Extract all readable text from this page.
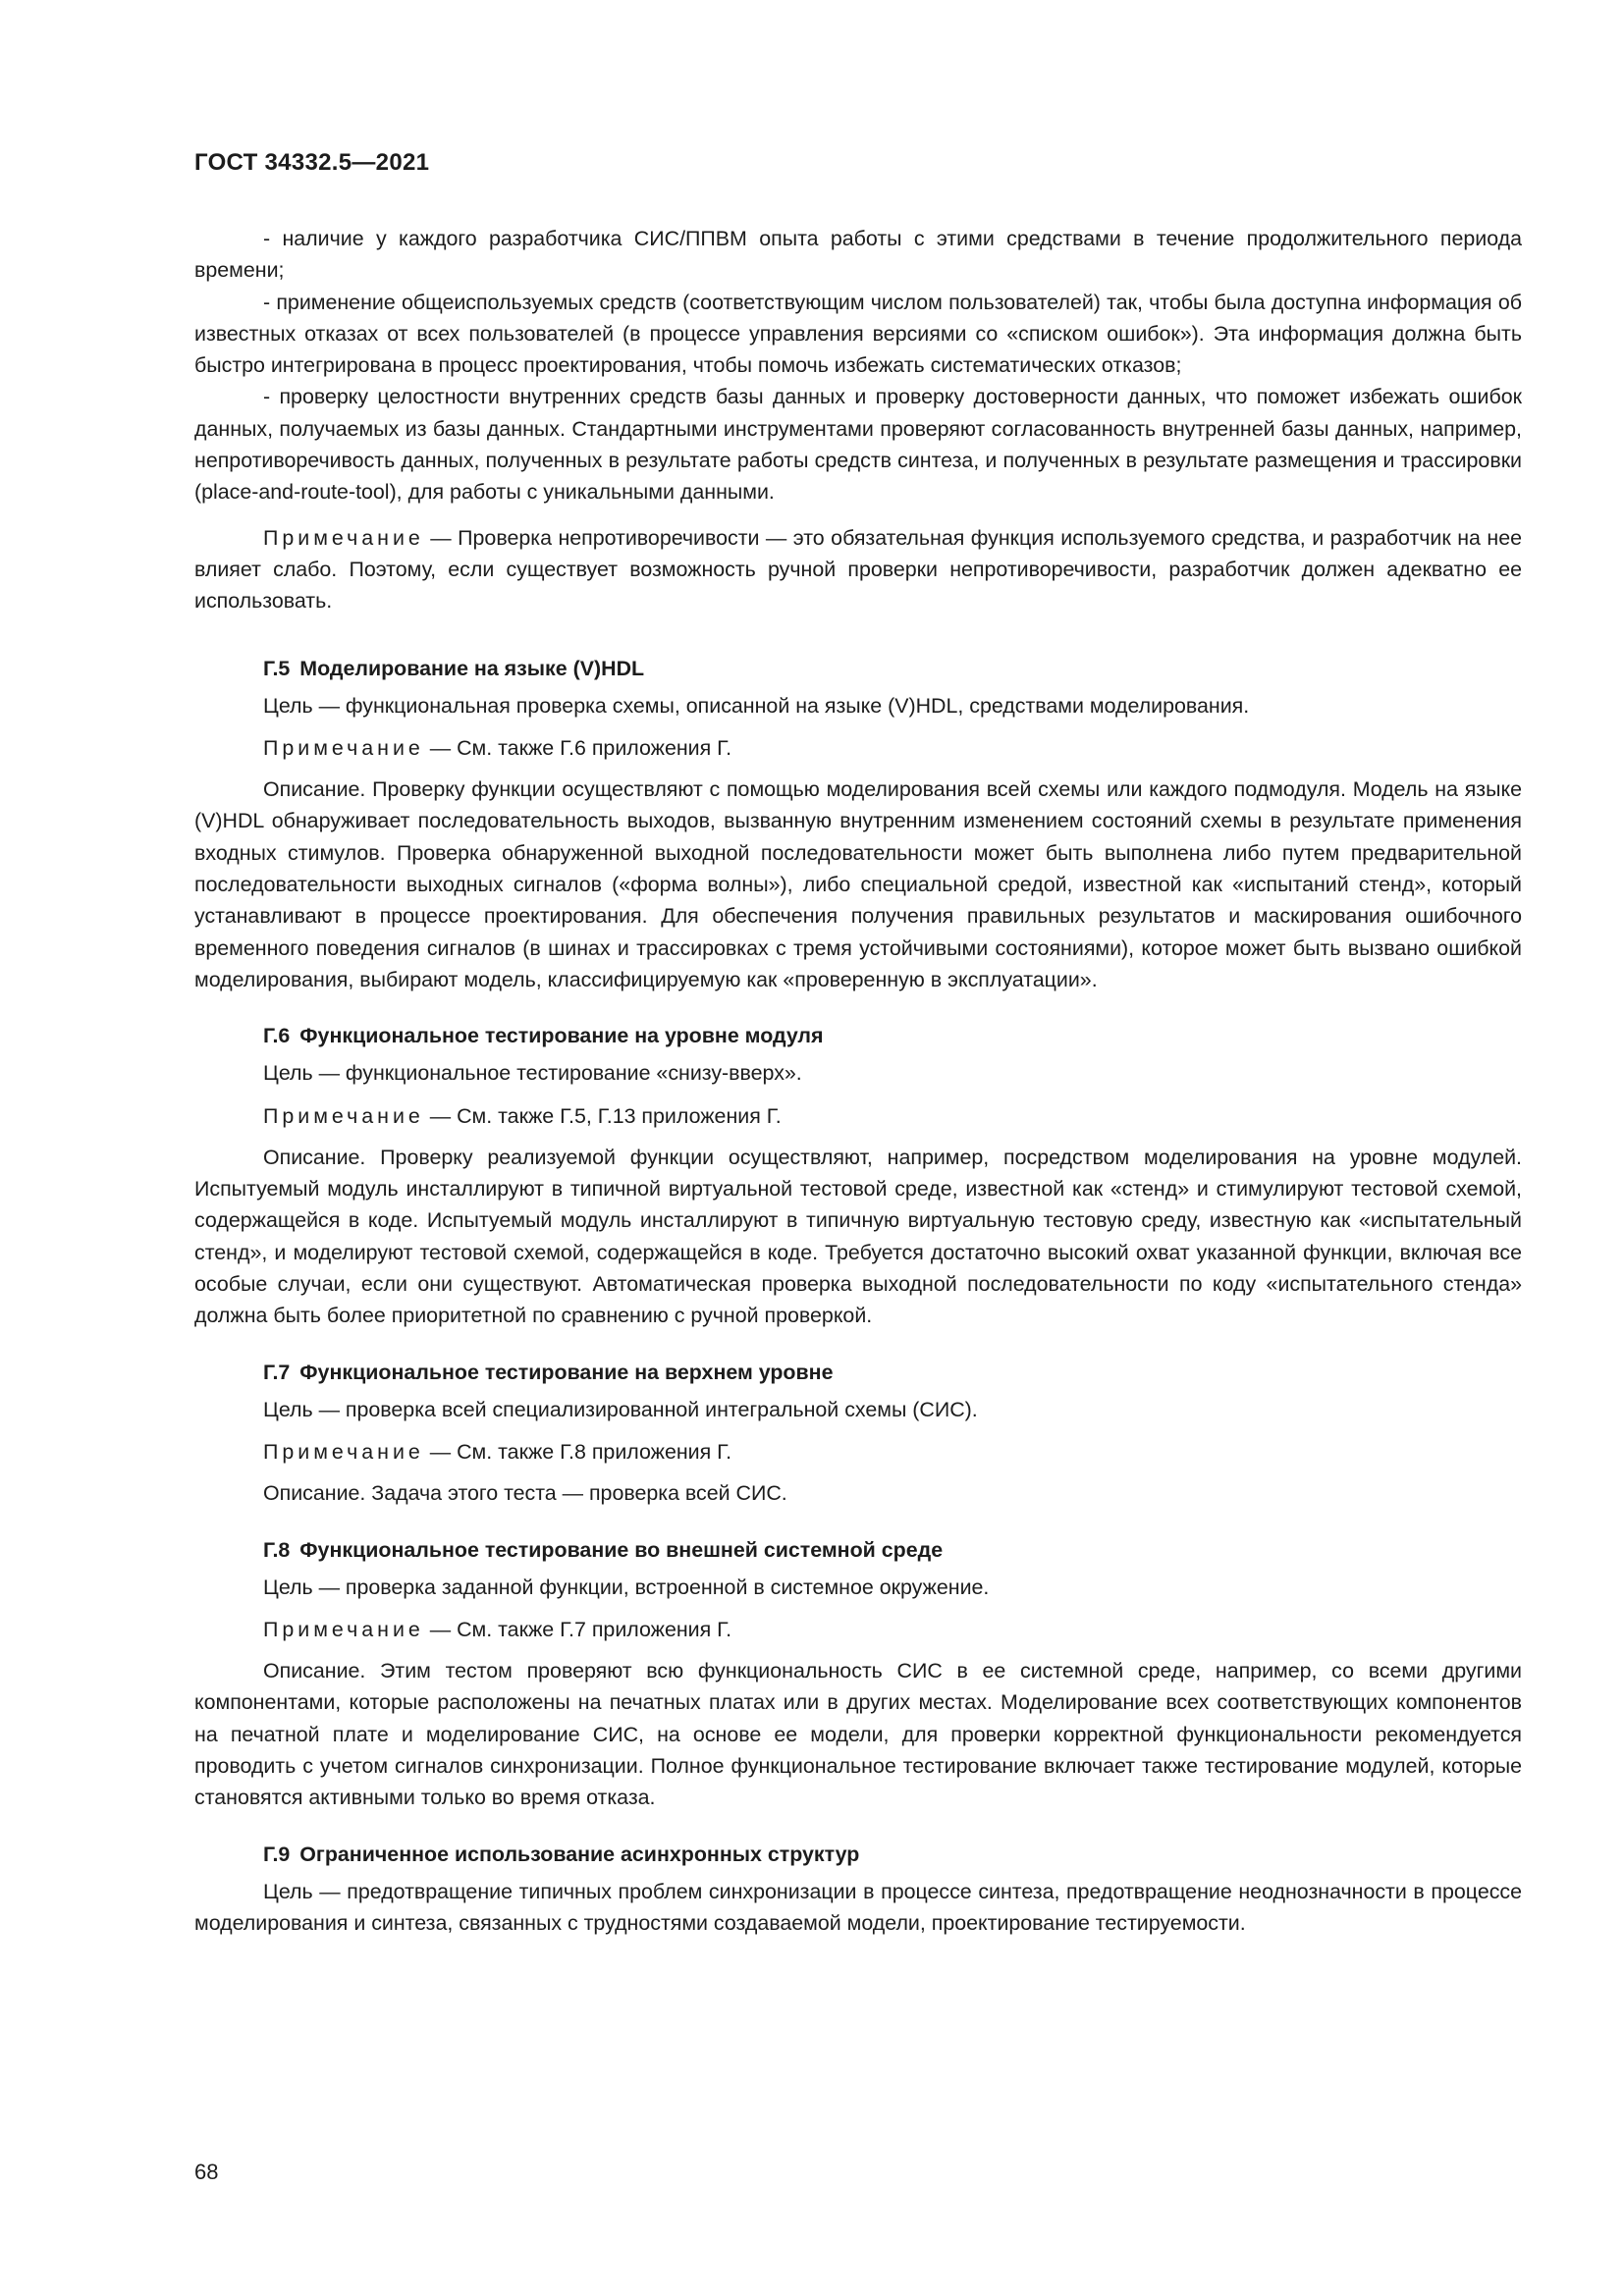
ГОСТ 34332.5—2021

- наличие у каждого разработчика СИС/ППВМ опыта работы с этими средствами в течение продолжительного периода времени;

- применение общеиспользуемых средств (соответствующим числом пользователей) так, чтобы была доступна информация об известных отказах от всех пользователей (в процессе управления версиями со «списком ошибок»). Эта информация должна быть быстро интегрирована в процесс проектирования, чтобы помочь избежать систематических отказов;

- проверку целостности внутренних средств базы данных и проверку достоверности данных, что поможет избежать ошибок данных, получаемых из базы данных. Стандартными инструментами проверяют согласованность внутренней базы данных, например, непротиворечивость данных, полученных в результате работы средств синтеза, и полученных в результате размещения и трассировки (place-and-route-tool), для работы с уникальными данными.

Примечание — Проверка непротиворечивости — это обязательная функция используемого средства, и разработчик на нее влияет слабо. Поэтому, если существует возможность ручной проверки непротиворечивости, разработчик должен адекватно ее использовать.

Г.5 Моделирование на языке (V)HDL

Цель — функциональная проверка схемы, описанной на языке (V)HDL, средствами моделирования.

Примечание — См. также Г.6 приложения Г.

Описание. Проверку функции осуществляют с помощью моделирования всей схемы или каждого подмодуля. Модель на языке (V)HDL обнаруживает последовательность выходов, вызванную внутренним изменением состояний схемы в результате применения входных стимулов. Проверка обнаруженной выходной последовательности может быть выполнена либо путем предварительной последовательности выходных сигналов («форма волны»), либо специальной средой, известной как «испытаний стенд», который устанавливают в процессе проектирования. Для обеспечения получения правильных результатов и маскирования ошибочного временного поведения сигналов (в шинах и трассировках с тремя устойчивыми состояниями), которое может быть вызвано ошибкой моделирования, выбирают модель, классифицируемую как «проверенную в эксплуатации».

Г.6 Функциональное тестирование на уровне модуля

Цель — функциональное тестирование «снизу-вверх».

Примечание — См. также Г.5, Г.13 приложения Г.

Описание. Проверку реализуемой функции осуществляют, например, посредством моделирования на уровне модулей. Испытуемый модуль инсталлируют в типичной виртуальной тестовой среде, известной как «стенд» и стимулируют тестовой схемой, содержащейся в коде. Испытуемый модуль инсталлируют в типичную виртуальную тестовую среду, известную как «испытательный стенд», и моделируют тестовой схемой, содержащейся в коде. Требуется достаточно высокий охват указанной функции, включая все особые случаи, если они существуют. Автоматическая проверка выходной последовательности по коду «испытательного стенда» должна быть более приоритетной по сравнению с ручной проверкой.

Г.7 Функциональное тестирование на верхнем уровне

Цель — проверка всей специализированной интегральной схемы (СИС).

Примечание — См. также Г.8 приложения Г.

Описание. Задача этого теста — проверка всей СИС.

Г.8 Функциональное тестирование во внешней системной среде

Цель — проверка заданной функции, встроенной в системное окружение.

Примечание — См. также Г.7 приложения Г.

Описание. Этим тестом проверяют всю функциональность СИС в ее системной среде, например, со всеми другими компонентами, которые расположены на печатных платах или в других местах. Моделирование всех соответствующих компонентов на печатной плате и моделирование СИС, на основе ее модели, для проверки корректной функциональности рекомендуется проводить с учетом сигналов синхронизации. Полное функциональное тестирование включает также тестирование модулей, которые становятся активными только во время отказа.

Г.9 Ограниченное использование асинхронных структур

Цель — предотвращение типичных проблем синхронизации в процессе синтеза, предотвращение неоднозначности в процессе моделирования и синтеза, связанных с трудностями создаваемой модели, проектирование тестируемости.

68
